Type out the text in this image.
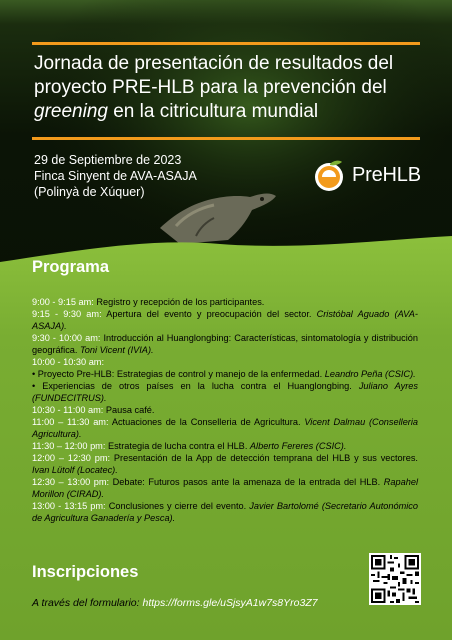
Jornada de presentación de resultados del
proyecto PRE-HLB para la prevención del
greening en la citricultura mundial
29 de Septiembre de 2023
Finca Sinyent de AVA-ASAJA
(Polinyà de Xúquer)
PreHLB
Programa

9:00 - 9:15 am: Registro y recepción de los participantes.

9:15 - 9:30 am: Apertura del evento y preocupación del sector. Cristóbal Aguado (AVA-ASAJA).

9:30 - 10:00 am: Introducción al Huanglongbing: Características, sintomatología y distribución geográfica. Toni Vicent (IVIA).

10:00 - 10:30 am:

• Proyecto Pre-HLB: Estrategias de control y manejo de la enfermedad. Leandro Peña (CSIC).

• Experiencias de otros países en la lucha contra el Huanglongbing. Juliano Ayres (FUNDECITRUS).

10:30 - 11:00 am: Pausa café.

11:00 – 11:30 am: Actuaciones de la Conselleria de Agricultura. Vicent Dalmau (Conselleria Agricultura).

11:30 – 12:00 pm: Estrategia de lucha contra el HLB. Alberto Fereres (CSIC).

12:00 – 12:30 pm: Presentación de la App de detección temprana del HLB y sus vectores. Ivan Lütolf (Locatec).

12:30 – 13:00 pm: Debate: Futuros pasos ante la amenaza de la entrada del HLB. Rapahel Morillon (CIRAD).

13:00 - 13:15 pm: Conclusiones y cierre del evento. Javier Bartolomé (Secretario Autonómico de Agricultura Ganadería y Pesca).

Inscripciones
A través del formulario: https://forms.gle/uSjsyA1w7s8Yro3Z7
